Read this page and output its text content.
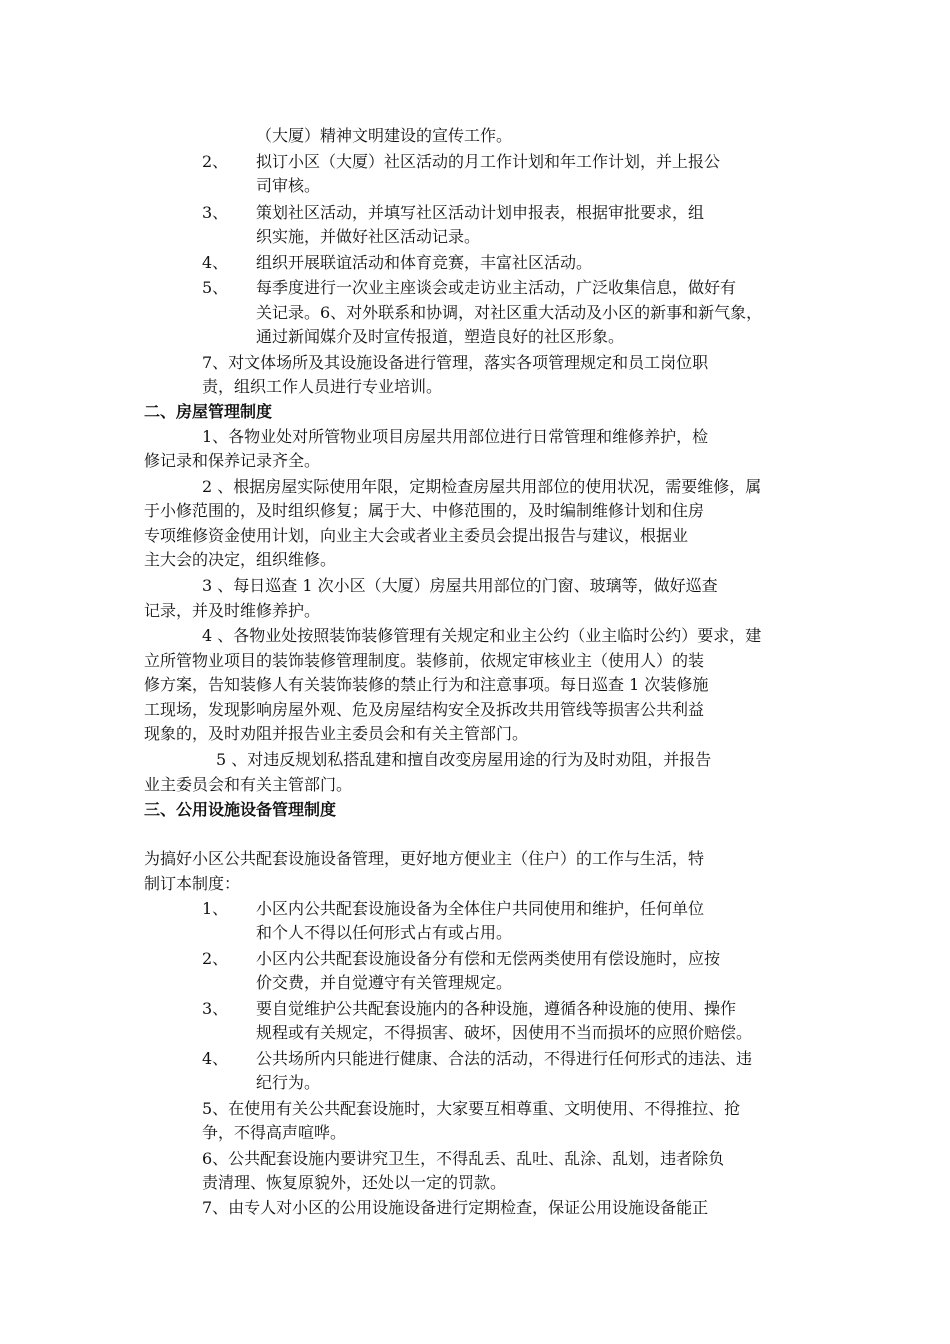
（大厦）精神文明建设的宣传工作。
2、 拟订小区（大厦）社区活动的月工作计划和年工作计划，并上报公
司审核。
3、 策划社区活动，并填写社区活动计划申报表，根据审批要求，组
织实施，并做好社区活动记录。
4、 组织开展联谊活动和体育竞赛，丰富社区活动。
5、 每季度进行一次业主座谈会或走访业主活动，广泛收集信息，做好有
关记录。6、对外联系和协调，对社区重大活动及小区的新事和新气象，
通过新闻媒介及时宣传报道，塑造良好的社区形象。
7、对文体场所及其设施设备进行管理，落实各项管理规定和员工岗位职
责，组织工作人员进行专业培训。
二、房屋管理制度
1、各物业处对所管物业项目房屋共用部位进行日常管理和维修养护，检
修记录和保养记录齐全。
2 、根据房屋实际使用年限，定期检查房屋共用部位的使用状况，需要维修，属
于小修范围的，及时组织修复；属于大、中修范围的，及时编制维修计划和住房
专项维修资金使用计划，向业主大会或者业主委员会提出报告与建议，根据业
主大会的决定，组织维修。
3 、每日巡查 1 次小区（大厦）房屋共用部位的门窗、玻璃等，做好巡查
记录，并及时维修养护。
4 、各物业处按照装饰装修管理有关规定和业主公约（业主临时公约）要求，建
立所管物业项目的装饰装修管理制度。装修前，依规定审核业主（使用人）的装
修方案，告知装修人有关装饰装修的禁止行为和注意事项。每日巡查 1 次装修施
工现场，发现影响房屋外观、危及房屋结构安全及拆改共用管线等损害公共利益
现象的，及时劝阻并报告业主委员会和有关主管部门。
5 、对违反规划私搭乱建和擅自改变房屋用途的行为及时劝阻，并报告
业主委员会和有关主管部门。
三、公用设施设备管理制度
为搞好小区公共配套设施设备管理，更好地方便业主（住户）的工作与生活，特
制订本制度：
1、 小区内公共配套设施设备为全体住户共同使用和维护，任何单位
和个人不得以任何形式占有或占用。
2、 小区内公共配套设施设备分有偿和无偿两类使用有偿设施时，应按
价交费，并自觉遵守有关管理规定。
3、 要自觉维护公共配套设施内的各种设施，遵循各种设施的使用、操作
规程或有关规定，不得损害、破坏，因使用不当而损坏的应照价赔偿。
4、 公共场所内只能进行健康、合法的活动，不得进行任何形式的违法、违
纪行为。
5、在使用有关公共配套设施时，大家要互相尊重、文明使用、不得推拉、抢
争，不得高声喧哗。
6、公共配套设施内要讲究卫生，不得乱丢、乱吐、乱涂、乱划，违者除负
责清理、恢复原貌外，还处以一定的罚款。
7、由专人对小区的公用设施设备进行定期检查，保证公用设施设备能正
